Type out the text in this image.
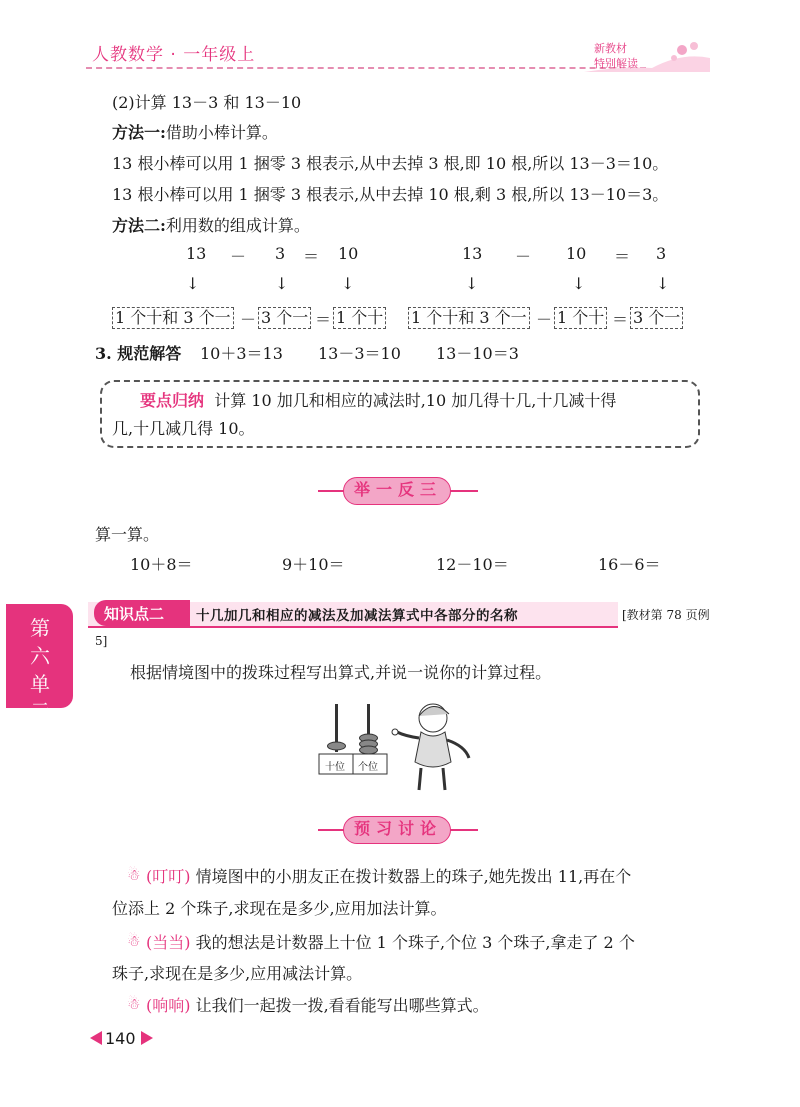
人教数学 · 一年级上	新教材
特别解读
(2)计算 13－3 和 13－10
方法一:借助小棒计算。
13 根小棒可以用 1 捆零 3 根表示,从中去掉 3 根,即 10 根,所以 13－3＝10。
13 根小棒可以用 1 捆零 3 根表示,从中去掉 10 根,剩 3 根,所以 13－10＝3。
方法二:利用数的组成计算。
13 － 3 ＝ 10
↓	↓	↓
1 个十和 3 个一 － 3 个一 ＝ 1 个十
13 － 10 ＝ 3
↓	↓	↓
1 个十和 3 个一 － 1 个十 ＝ 3 个一
3. 规范解答 10＋3＝13 13－3＝10 13－10＝3
要点归纳 计算 10 加几和相应的减法时,10 加几得十几,十几减十得
几,十几减几得 10。
举一反三
算一算。
10＋8＝	9＋10＝	12－10＝	16－6＝
第六单元
知识点二 十几加几和相应的减法及加减法算式中各部分的名称	[教材第 78 页例
5]
根据情境图中的拨珠过程写出算式,并说一说你的计算过程。
十位 个位
预习讨论
☃ (叮叮) 情境图中的小朋友正在拨计数器上的珠子,她先拨出 11,再在个
位添上 2 个珠子,求现在是多少,应用加法计算。
☃ (当当) 我的想法是计数器上十位 1 个珠子,个位 3 个珠子,拿走了 2 个
珠子,求现在是多少,应用减法计算。
☃ (响响) 让我们一起拨一拨,看看能写出哪些算式。
140
